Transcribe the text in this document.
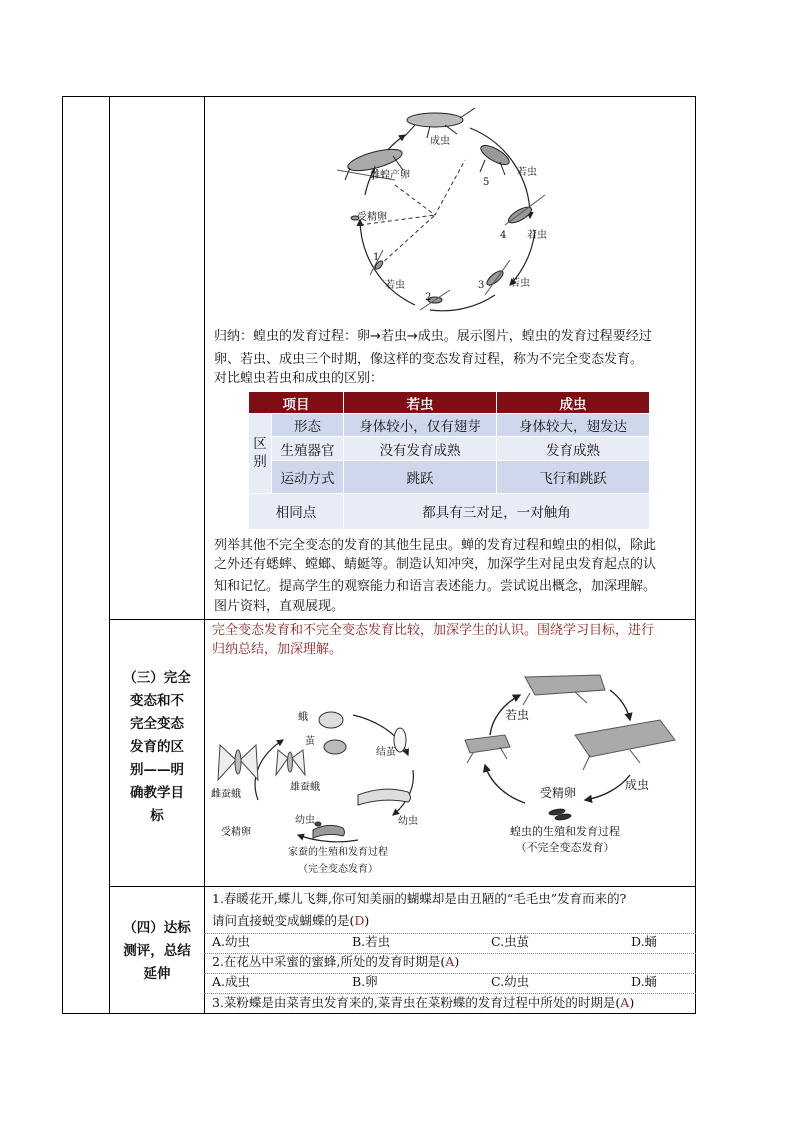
成虫
雌蝗产卵
受精卵
若虫
若虫
若虫
若虫
5
4
3
2
1
归纳：蝗虫的发育过程：卵→若虫→成虫。展示图片，蝗虫的发育过程要经过
卵、若虫、成虫三个时期，像这样的变态发育过程，称为不完全变态发育。
对比蝗虫若虫和成虫的区别：
项目		若虫	成虫
区别	形态	身体较小，仅有翅芽	身体较大，翅发达
	生殖器官	没有发育成熟	发育成熟
	运动方式	跳跃	飞行和跳跃
相同点		都具有三对足，一对触角	
列举其他不完全变态的发育的其他生昆虫。蝉的发育过程和蝗虫的相似，除此
之外还有蟋蟀、螳螂、蜻蜓等。制造认知冲突，加深学生对昆虫发育起点的认
知和记忆。提高学生的观察能力和语言表述能力。尝试说出概念，加深理解。
图片资料，直观展现。
（三）完全
变态和不
完全变态
发育的区
别——明
确教学目
标
完全变态发育和不完全变态发育比较，加深学生的认识。围绕学习目标，进行
归纳总结，加深理解。
蛾
茧
结茧
雌蚕蛾
雄蚕蛾
受精卵
幼虫	幼虫
家蚕的生殖和发育过程
（完全变态发育）
若虫
成虫
受精卵
蝗虫的生殖和发育过程
（不完全变态发育）
（四）达标
测评，总结
延伸
1.春暖花开,蝶儿飞舞,你可知美丽的蝴蝶却是由丑陋的“毛毛虫”发育而来的?
请问直接蜕变成蝴蝶的是(D)
A.幼虫	B.若虫	C.虫茧	D.蛹
2.在花丛中采蜜的蜜蜂,所处的发育时期是(A)
A.成虫	B.卵	C.幼虫	D.蛹
3.菜粉蝶是由菜青虫发育来的,菜青虫在菜粉蝶的发育过程中所处的时期是(A)
